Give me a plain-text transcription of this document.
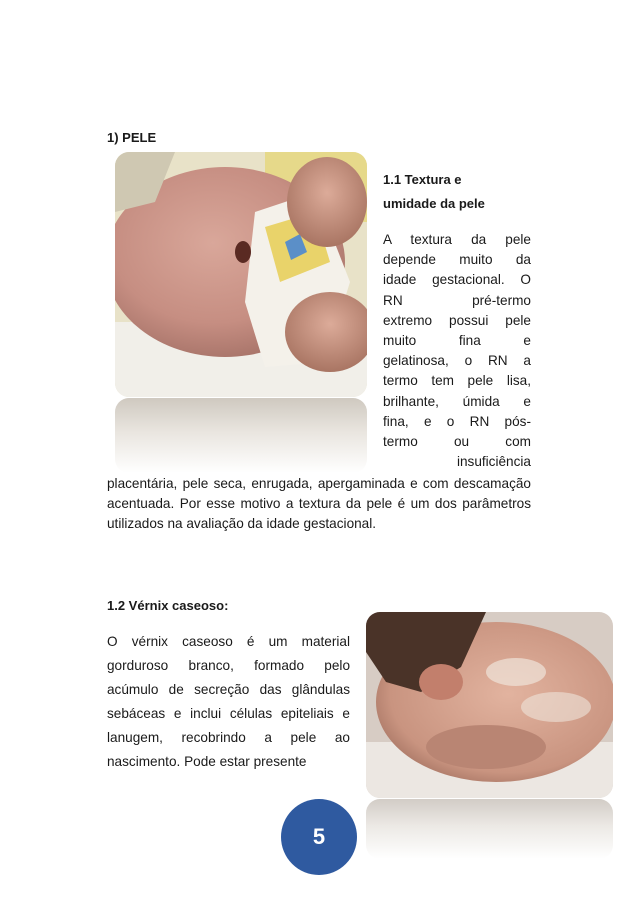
1) PELE
1.1 Textura e
umidade da pele
A textura da pele
depende muito da
idade gestacional. O
RN pré-termo
extremo possui pele
muito fina e
gelatinosa, o RN a
termo tem pele lisa,
brilhante, úmida e
fina, e o RN pós-
termo ou com
insuficiência
placentária, pele seca, enrugada, apergaminada e com descamação acentuada. Por esse motivo a textura da pele é um dos parâmetros utilizados na avaliação da idade gestacional.
1.2 Vérnix caseoso:
O vérnix caseoso é um material gorduroso branco, formado pelo acúmulo de secreção das glândulas sebáceas e inclui células epiteliais e lanugem, recobrindo a pele ao nascimento. Pode estar presente
5
